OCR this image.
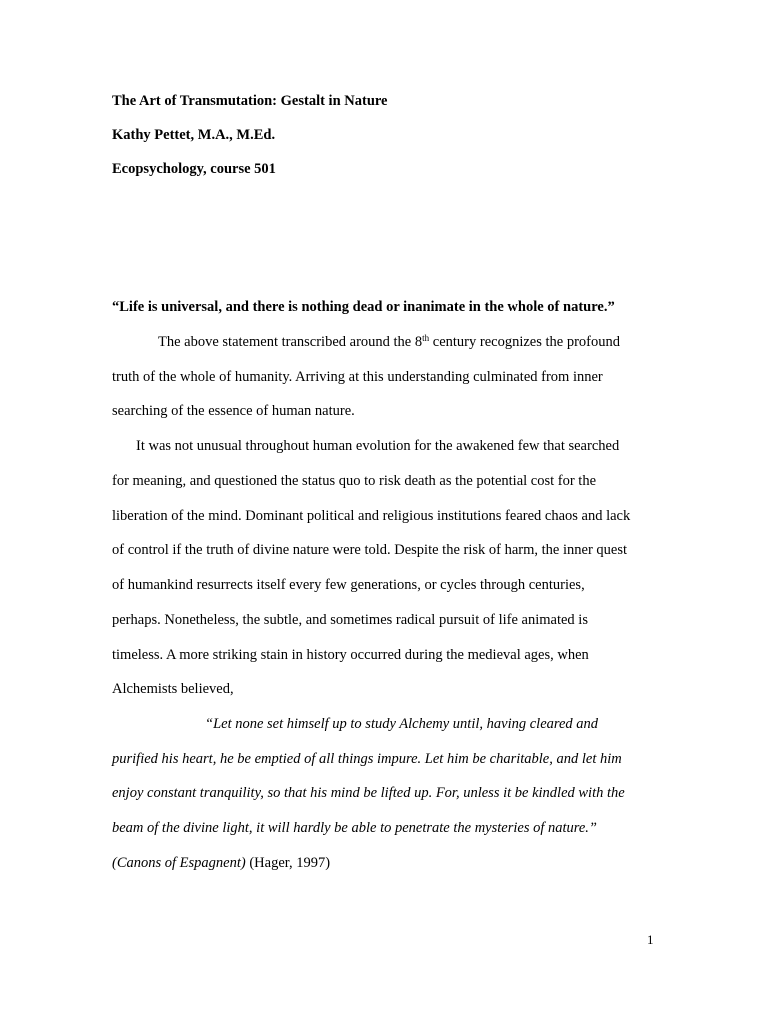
The Art of Transmutation: Gestalt in Nature
Kathy Pettet, M.A., M.Ed.
Ecopsychology, course 501
“Life is universal, and there is nothing dead or inanimate in the whole of nature.”
The above statement transcribed around the 8th century recognizes the profound
truth of the whole of humanity. Arriving at this understanding culminated from inner
searching of the essence of human nature.
It was not unusual throughout human evolution for the awakened few that searched
for meaning, and questioned the status quo to risk death as the potential cost for the
liberation of the mind. Dominant political and religious institutions feared chaos and lack
of control if the truth of divine nature were told. Despite the risk of harm, the inner quest
of humankind resurrects itself every few generations, or cycles through centuries,
perhaps. Nonetheless, the subtle, and sometimes radical pursuit of life animated is
timeless. A more striking stain in history occurred during the medieval ages, when
Alchemists believed,
“Let none set himself up to study Alchemy until, having cleared and
purified his heart, he be emptied of all things impure. Let him be charitable, and let him
enjoy constant tranquility, so that his mind be lifted up. For, unless it be kindled with the
beam of the divine light, it will hardly be able to penetrate the mysteries of nature.”
(Canons of Espagnent) (Hager, 1997)
1
